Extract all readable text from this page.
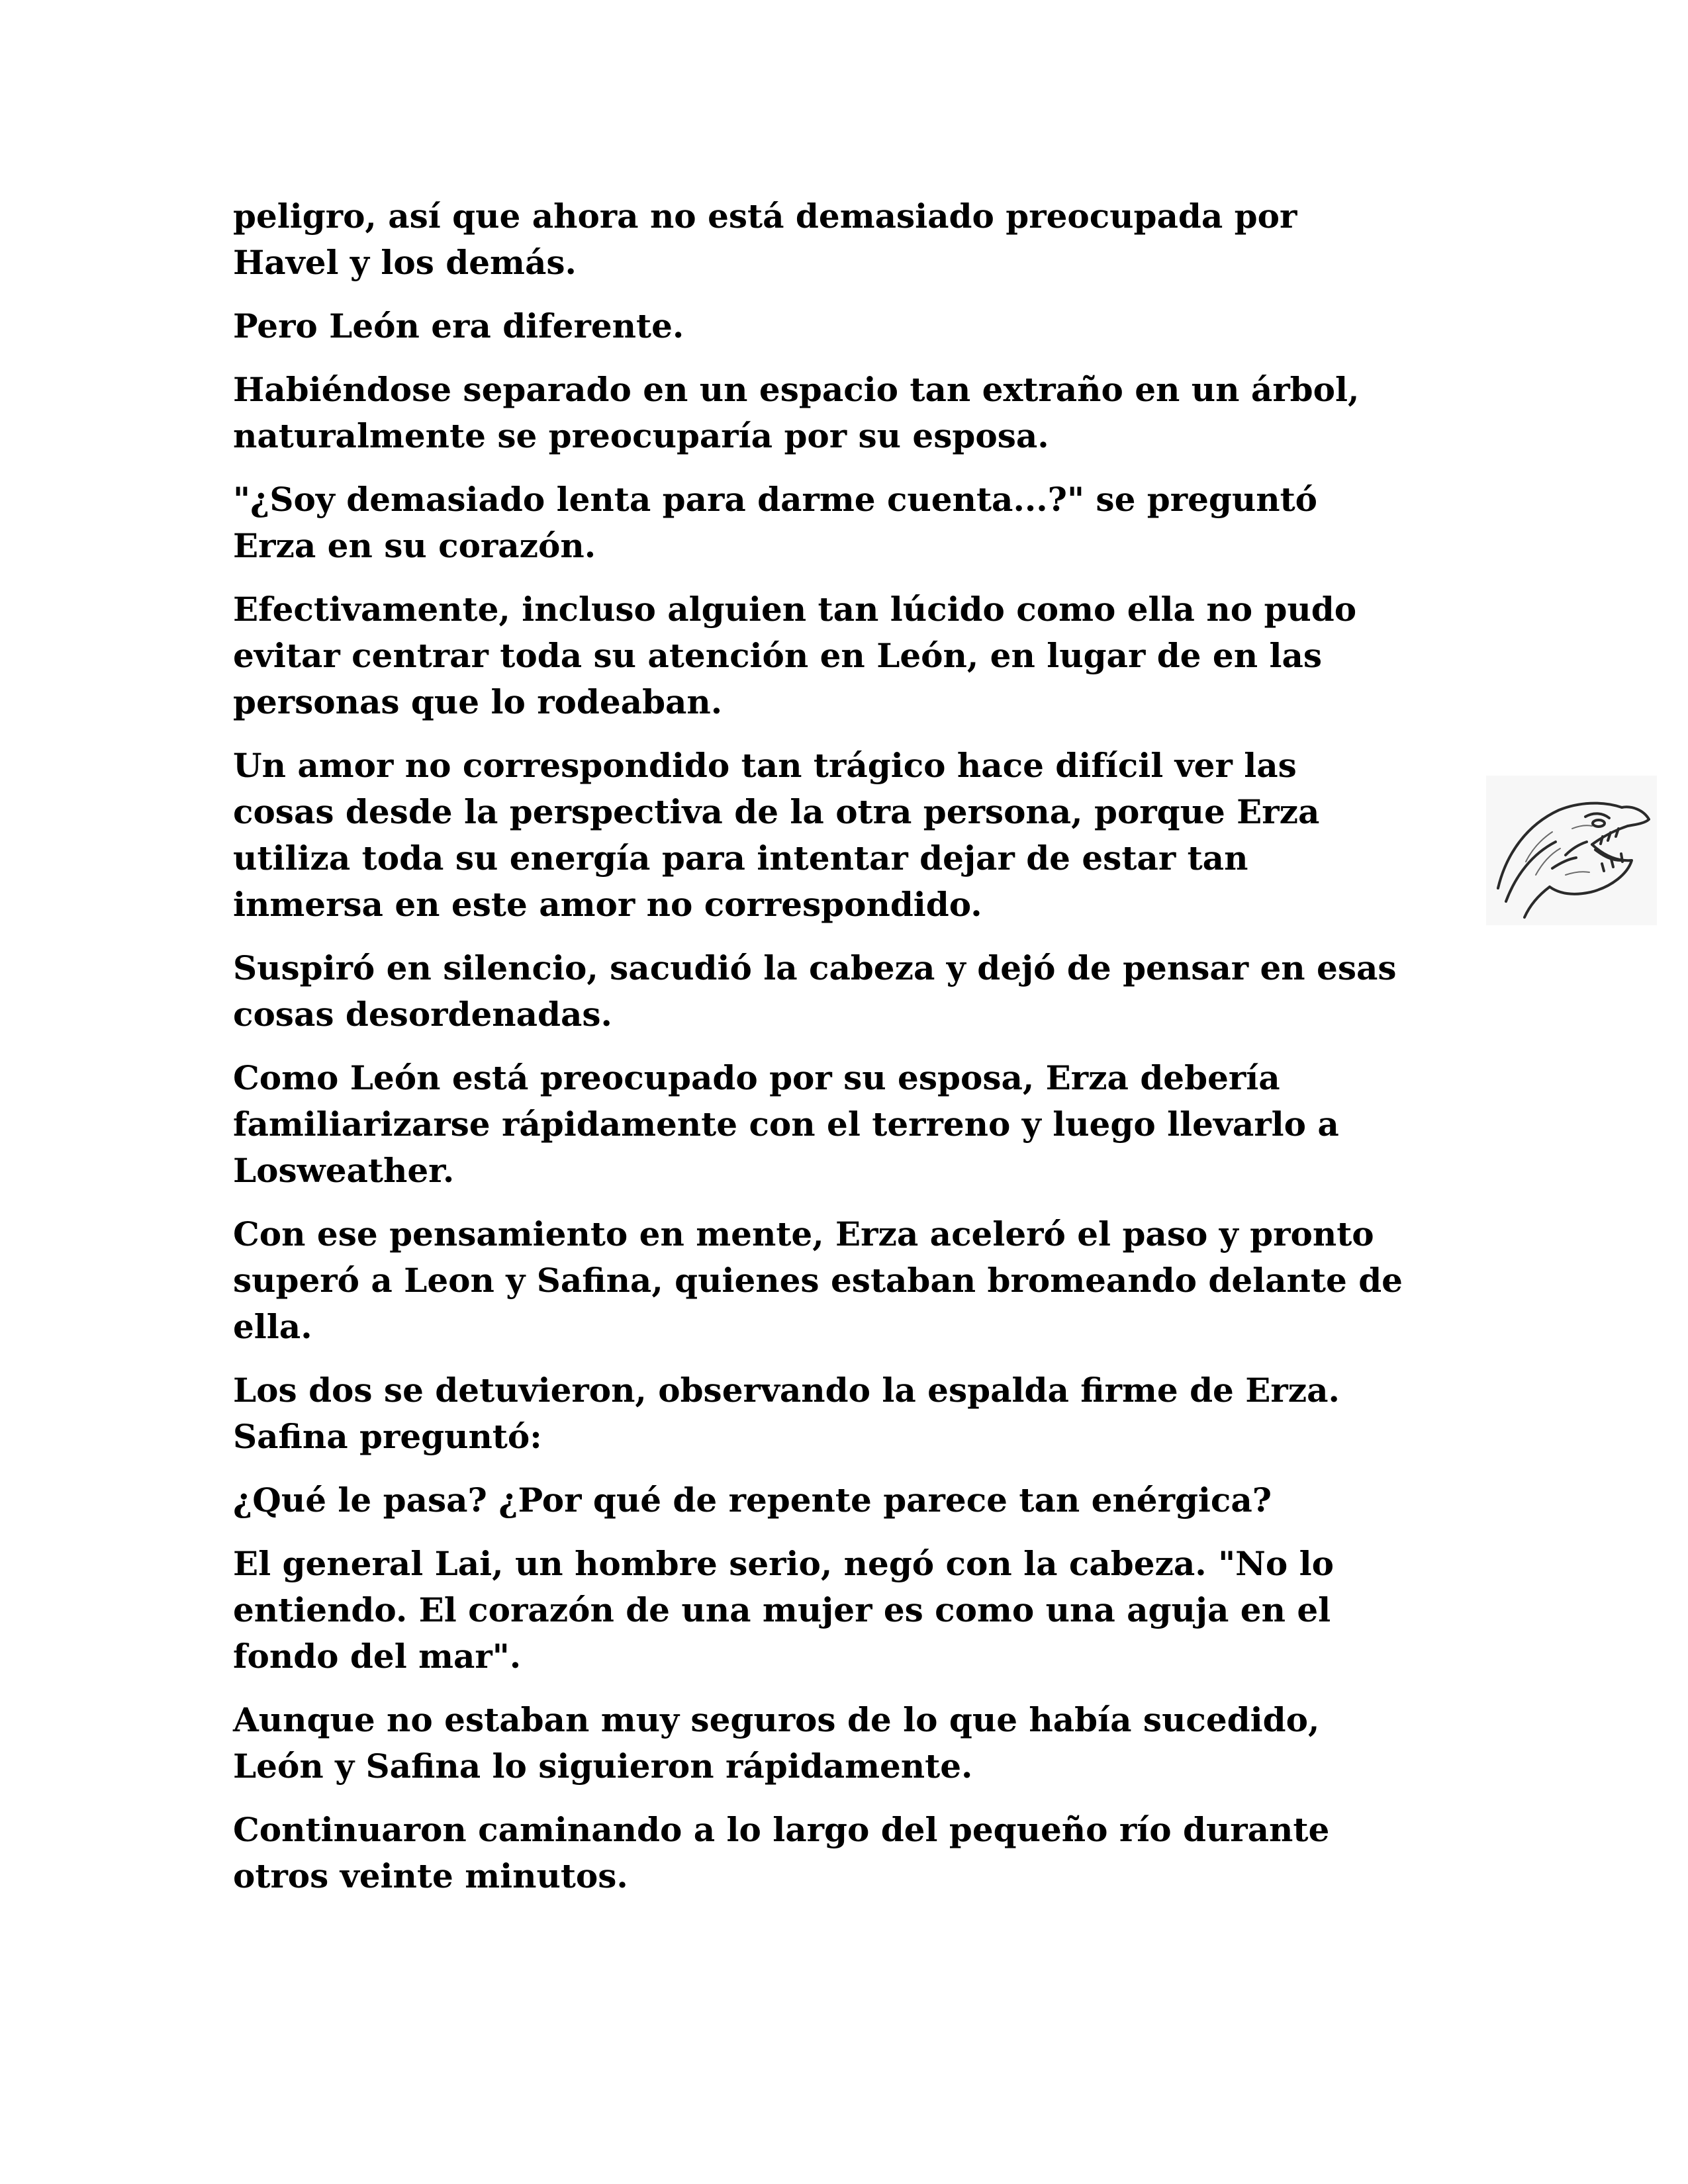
peligro, así que ahora no está demasiado preocupada por
Havel y los demás.

Pero León era diferente.

Habiéndose separado en un espacio tan extraño en un árbol,
naturalmente se preocuparía por su esposa.

"¿Soy demasiado lenta para darme cuenta...?" se preguntó
Erza en su corazón.

Efectivamente, incluso alguien tan lúcido como ella no pudo
evitar centrar toda su atención en León, en lugar de en las
personas que lo rodeaban.

Un amor no correspondido tan trágico hace difícil ver las
cosas desde la perspectiva de la otra persona, porque Erza
utiliza toda su energía para intentar dejar de estar tan
inmersa en este amor no correspondido.

Suspiró en silencio, sacudió la cabeza y dejó de pensar en esas
cosas desordenadas.

Como León está preocupado por su esposa, Erza debería
familiarizarse rápidamente con el terreno y luego llevarlo a
Losweather.

Con ese pensamiento en mente, Erza aceleró el paso y pronto
superó a Leon y Safina, quienes estaban bromeando delante de
ella.

Los dos se detuvieron, observando la espalda firme de Erza.
Safina preguntó:

¿Qué le pasa? ¿Por qué de repente parece tan enérgica?

El general Lai, un hombre serio, negó con la cabeza. "No lo
entiendo. El corazón de una mujer es como una aguja en el
fondo del mar".

Aunque no estaban muy seguros de lo que había sucedido,
León y Safina lo siguieron rápidamente.

Continuaron caminando a lo largo del pequeño río durante
otros veinte minutos.
